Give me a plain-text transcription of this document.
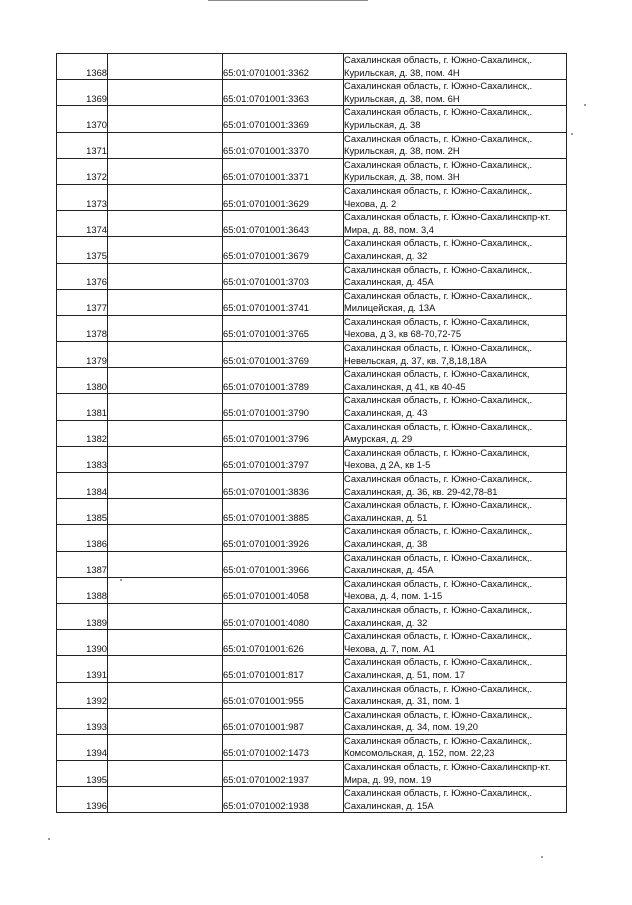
1368		65:01:0701001:3362	Сахалинская область, г. Южно-Сахалинск,.
Курильская, д. 38, пом. 4Н
1369		65:01:0701001:3363	Сахалинская область, г. Южно-Сахалинск,.
Курильская, д. 38, пом. 6Н
1370		65:01:0701001:3369	Сахалинская область, г. Южно-Сахалинск,.
Курильская, д. 38
1371		65:01:0701001:3370	Сахалинская область, г. Южно-Сахалинск,.
Курильская, д. 38, пом. 2Н
1372		65:01:0701001:3371	Сахалинская область, г. Южно-Сахалинск,.
Курильская, д. 38, пом. 3Н
1373		65:01:0701001:3629	Сахалинская область, г. Южно-Сахалинск,.
Чехова, д. 2
1374		65:01:0701001:3643	Сахалинская область, г. Южно-Сахалинскпр-кт.
Мира, д. 88, пом. 3,4
1375		65:01:0701001:3679	Сахалинская область, г. Южно-Сахалинск,.
Сахалинская, д. 32
1376		65:01:0701001:3703	Сахалинская область, г. Южно-Сахалинск,.
Сахалинская, д. 45А
1377		65:01:0701001:3741	Сахалинская область, г. Южно-Сахалинск,.
Милицейская, д. 13А
1378		65:01:0701001:3765	Сахалинская область, г. Южно-Сахалинск,
Чехова, д 3, кв 68-70,72-75
1379		65:01:0701001:3769	Сахалинская область, г. Южно-Сахалинск,.
Невельская, д. 37, кв. 7,8,18,18А
1380		65:01:0701001:3789	Сахалинская область, г. Южно-Сахалинск,
Сахалинская, д 41, кв 40-45
1381		65:01:0701001:3790	Сахалинская область, г. Южно-Сахалинск,.
Сахалинская, д. 43
1382		65:01:0701001:3796	Сахалинская область, г. Южно-Сахалинск,.
Амурская, д. 29
1383		65:01:0701001:3797	Сахалинская область, г. Южно-Сахалинск,
Чехова, д 2А, кв 1-5
1384		65:01:0701001:3836	Сахалинская область, г. Южно-Сахалинск,.
Сахалинская, д. 36, кв. 29-42,78-81
1385		65:01:0701001:3885	Сахалинская область, г. Южно-Сахалинск,.
Сахалинская, д. 51
1386		65:01:0701001:3926	Сахалинская область, г. Южно-Сахалинск,.
Сахалинская, д. 38
1387		65:01:0701001:3966	Сахалинская область, г. Южно-Сахалинск,.
Сахалинская, д. 45А
1388		65:01:0701001:4058	Сахалинская область, г. Южно-Сахалинск,.
Чехова, д. 4, пом. 1-15
1389		65:01:0701001:4080	Сахалинская область, г. Южно-Сахалинск,.
Сахалинская, д. 32
1390		65:01:0701001:626	Сахалинская область, г. Южно-Сахалинск,.
Чехова, д. 7, пом. А1
1391		65:01:0701001:817	Сахалинская область, г. Южно-Сахалинск,.
Сахалинская, д. 51, пом. 17
1392		65:01:0701001:955	Сахалинская область, г. Южно-Сахалинск,.
Сахалинская, д. 31, пом. 1
1393		65:01:0701001:987	Сахалинская область, г. Южно-Сахалинск,.
Сахалинская, д. 34, пом. 19,20
1394		65:01:0701002:1473	Сахалинская область, г. Южно-Сахалинск,.
Комсомольская, д. 152, пом. 22,23
1395		65:01:0701002:1937	Сахалинская область, г. Южно-Сахалинскпр-кт.
Мира, д. 99, пом. 19
1396		65:01:0701002:1938	Сахалинская область, г. Южно-Сахалинск,.
Сахалинская, д. 15А
